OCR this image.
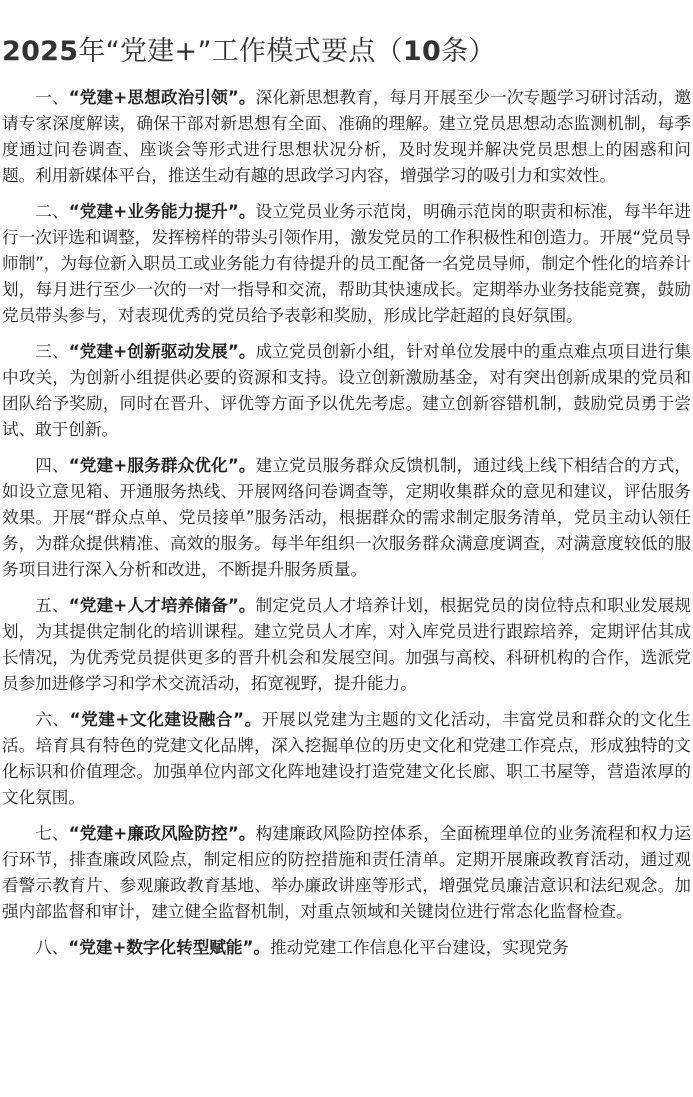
2025年“党建+”工作模式要点（10条）

一、“党建+思想政治引领”。深化新思想教育，每月开展至少一次专题学习研讨活动，邀请专家深度解读，确保干部对新思想有全面、准确的理解。建立党员思想动态监测机制，每季度通过问卷调查、座谈会等形式进行思想状况分析，及时发现并解决党员思想上的困惑和问题。利用新媒体平台，推送生动有趣的思政学习内容，增强学习的吸引力和实效性。

二、“党建+业务能力提升”。设立党员业务示范岗，明确示范岗的职责和标准，每半年进行一次评选和调整，发挥榜样的带头引领作用，激发党员的工作积极性和创造力。开展“党员导师制”，为每位新入职员工或业务能力有待提升的员工配备一名党员导师，制定个性化的培养计划，每月进行至少一次的一对一指导和交流，帮助其快速成长。定期举办业务技能竞赛，鼓励党员带头参与，对表现优秀的党员给予表彰和奖励，形成比学赶超的良好氛围。

三、“党建+创新驱动发展”。成立党员创新小组，针对单位发展中的重点难点项目进行集中攻关，为创新小组提供必要的资源和支持。设立创新激励基金，对有突出创新成果的党员和团队给予奖励，同时在晋升、评优等方面予以优先考虑。建立创新容错机制，鼓励党员勇于尝试、敢于创新。

四、“党建+服务群众优化”。建立党员服务群众反馈机制，通过线上线下相结合的方式，如设立意见箱、开通服务热线、开展网络问卷调查等，定期收集群众的意见和建议，评估服务效果。开展“群众点单、党员接单”服务活动，根据群众的需求制定服务清单，党员主动认领任务，为群众提供精准、高效的服务。每半年组织一次服务群众满意度调查，对满意度较低的服务项目进行深入分析和改进，不断提升服务质量。

五、“党建+人才培养储备”。制定党员人才培养计划，根据党员的岗位特点和职业发展规划，为其提供定制化的培训课程。建立党员人才库，对入库党员进行跟踪培养，定期评估其成长情况，为优秀党员提供更多的晋升机会和发展空间。加强与高校、科研机构的合作，选派党员参加进修学习和学术交流活动，拓宽视野，提升能力。

六、“党建+文化建设融合”。开展以党建为主题的文化活动，丰富党员和群众的文化生活。培育具有特色的党建文化品牌，深入挖掘单位的历史文化和党建工作亮点，形成独特的文化标识和价值理念。加强单位内部文化阵地建设打造党建文化长廊、职工书屋等，营造浓厚的文化氛围。

七、“党建+廉政风险防控”。构建廉政风险防控体系，全面梳理单位的业务流程和权力运行环节，排查廉政风险点，制定相应的防控措施和责任清单。定期开展廉政教育活动，通过观看警示教育片、参观廉政教育基地、举办廉政讲座等形式，增强党员廉洁意识和法纪观念。加强内部监督和审计，建立健全监督机制，对重点领域和关键岗位进行常态化监督检查。

八、“党建+数字化转型赋能”。推动党建工作信息化平台建设，实现党务
